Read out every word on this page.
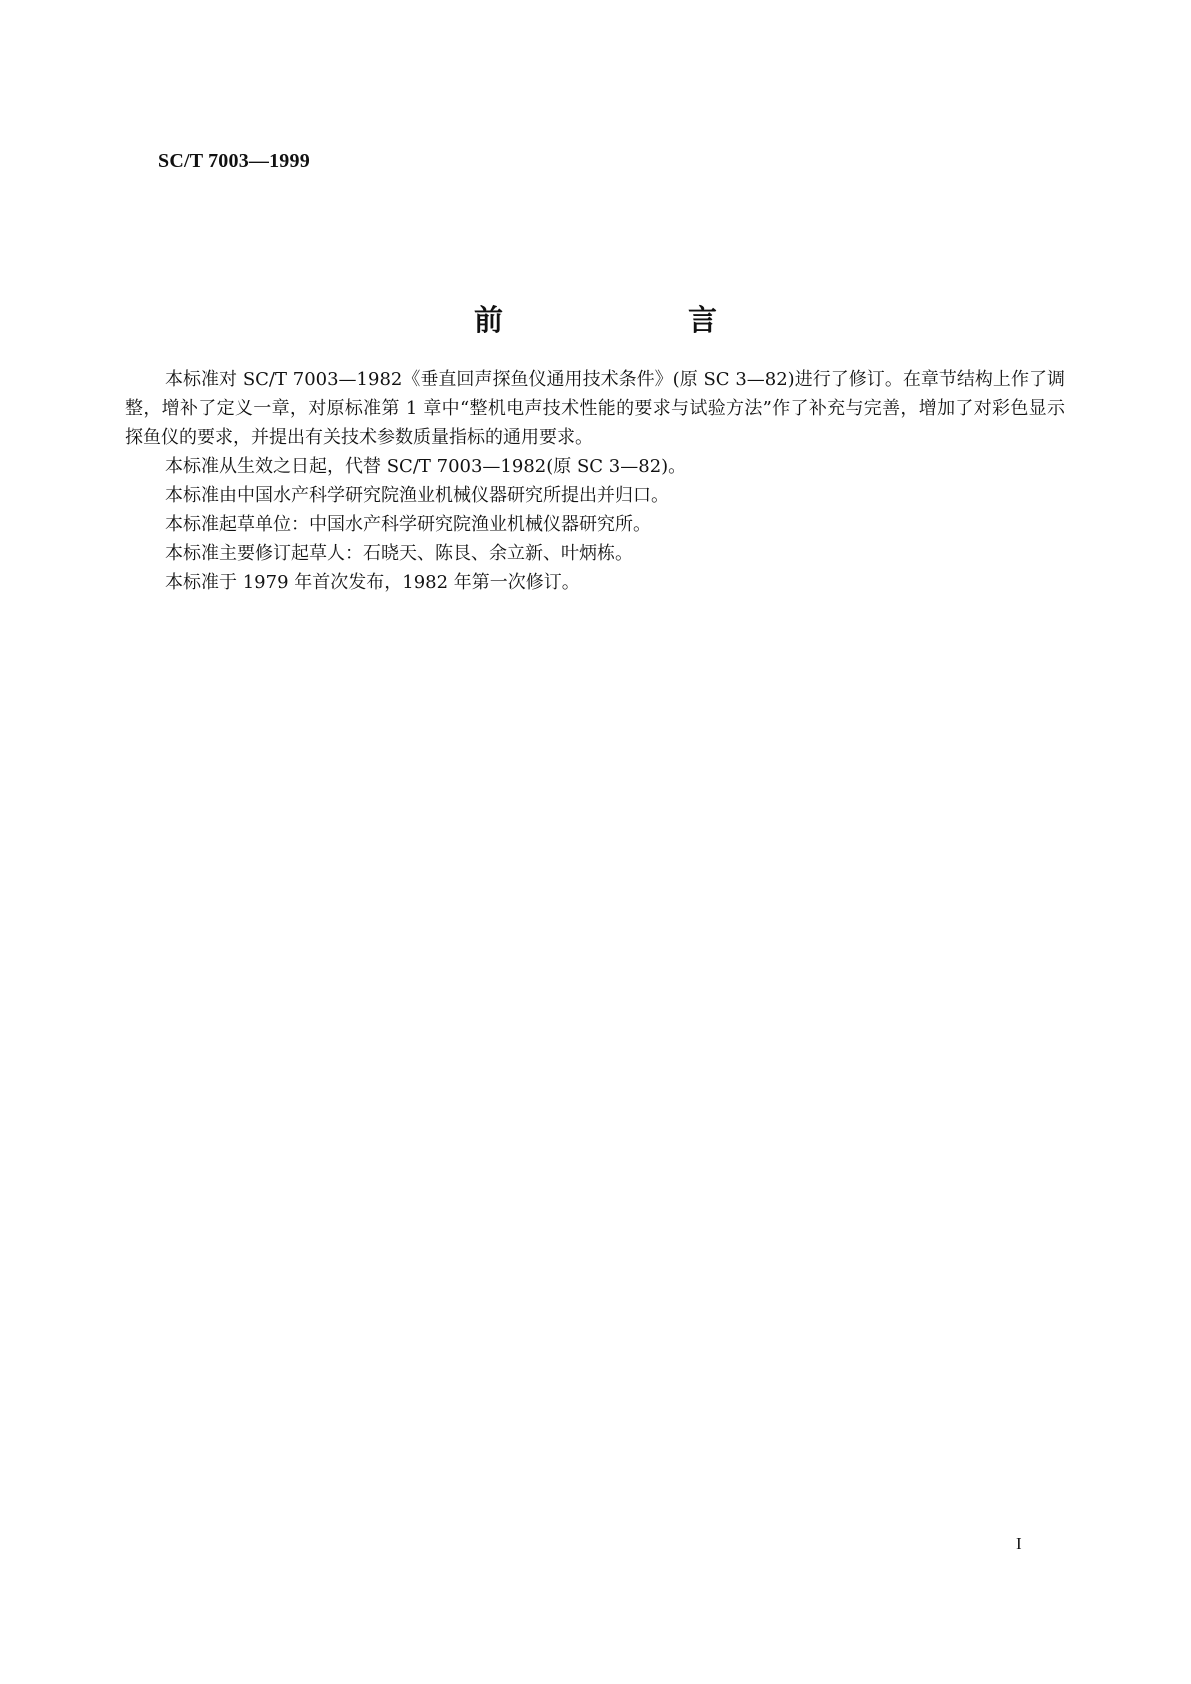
SC/T 7003—1999
前　言

本标准对 SC/T 7003—1982《垂直回声探鱼仪通用技术条件》(原 SC 3—82)进行了修订。在章节结构上作了调整，增补了定义一章，对原标准第 1 章中“整机电声技术性能的要求与试验方法”作了补充与完善，增加了对彩色显示探鱼仪的要求，并提出有关技术参数质量指标的通用要求。

本标准从生效之日起，代替 SC/T 7003—1982(原 SC 3—82)。

本标准由中国水产科学研究院渔业机械仪器研究所提出并归口。

本标准起草单位：中国水产科学研究院渔业机械仪器研究所。

本标准主要修订起草人：石晓天、陈艮、余立新、叶炳栋。

本标准于 1979 年首次发布，1982 年第一次修订。

I
